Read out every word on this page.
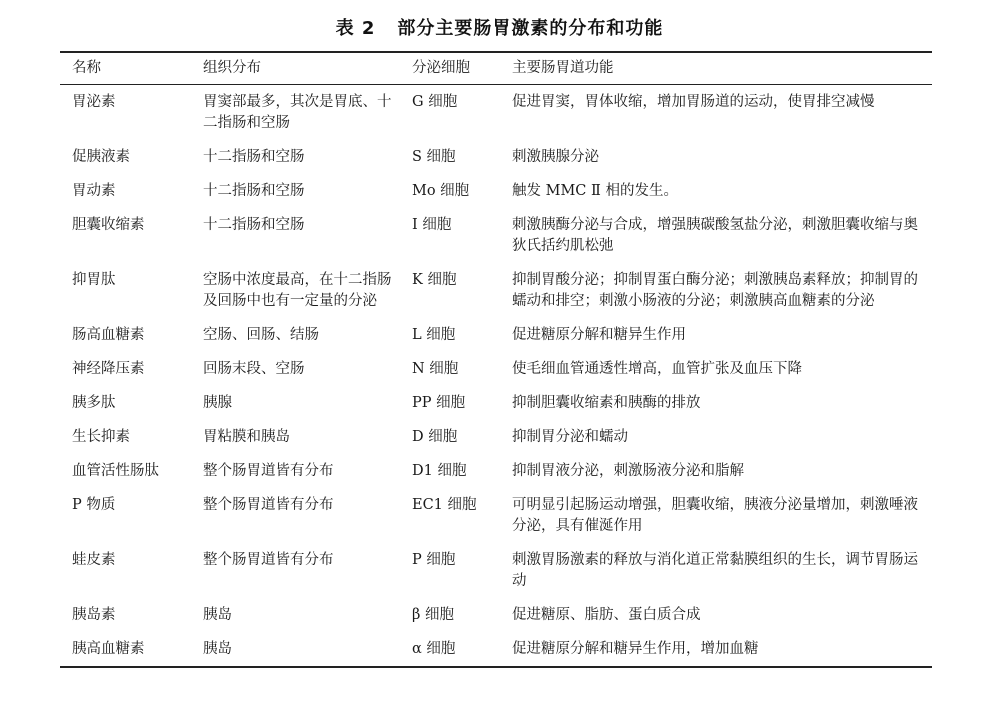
表 2 部分主要肠胃激素的分布和功能
名称	组织分布	分泌细胞	主要肠胃道功能
胃泌素	胃窦部最多，其次是胃底、十二指肠和空肠	G 细胞	促进胃窦，胃体收缩，增加胃肠道的运动，使胃排空减慢
促胰液素	十二指肠和空肠	S 细胞	刺激胰腺分泌
胃动素	十二指肠和空肠	Mo 细胞	触发 MMC Ⅱ 相的发生。
胆囊收缩素	十二指肠和空肠	I 细胞	刺激胰酶分泌与合成，增强胰碳酸氢盐分泌，刺激胆囊收缩与奥狄氏括约肌松弛
抑胃肽	空肠中浓度最高，在十二指肠及回肠中也有一定量的分泌	K 细胞	抑制胃酸分泌；抑制胃蛋白酶分泌；刺激胰岛素释放；抑制胃的蠕动和排空；刺激小肠液的分泌；刺激胰高血糖素的分泌
肠高血糖素	空肠、回肠、结肠	L 细胞	促进糖原分解和糖异生作用
神经降压素	回肠末段、空肠	N 细胞	使毛细血管通透性增高，血管扩张及血压下降
胰多肽	胰腺	PP 细胞	抑制胆囊收缩素和胰酶的排放
生长抑素	胃粘膜和胰岛	D 细胞	抑制胃分泌和蠕动
血管活性肠肽	整个肠胃道皆有分布	D1 细胞	抑制胃液分泌，刺激肠液分泌和脂解
P 物质	整个肠胃道皆有分布	EC1 细胞	可明显引起肠运动增强，胆囊收缩，胰液分泌量增加，刺激唾液分泌，具有催涎作用
蛙皮素	整个肠胃道皆有分布	P 细胞	刺激胃肠激素的释放与消化道正常黏膜组织的生长，调节胃肠运动
胰岛素	胰岛	β 细胞	促进糖原、脂肪、蛋白质合成
胰高血糖素	胰岛	α 细胞	促进糖原分解和糖异生作用，增加血糖
